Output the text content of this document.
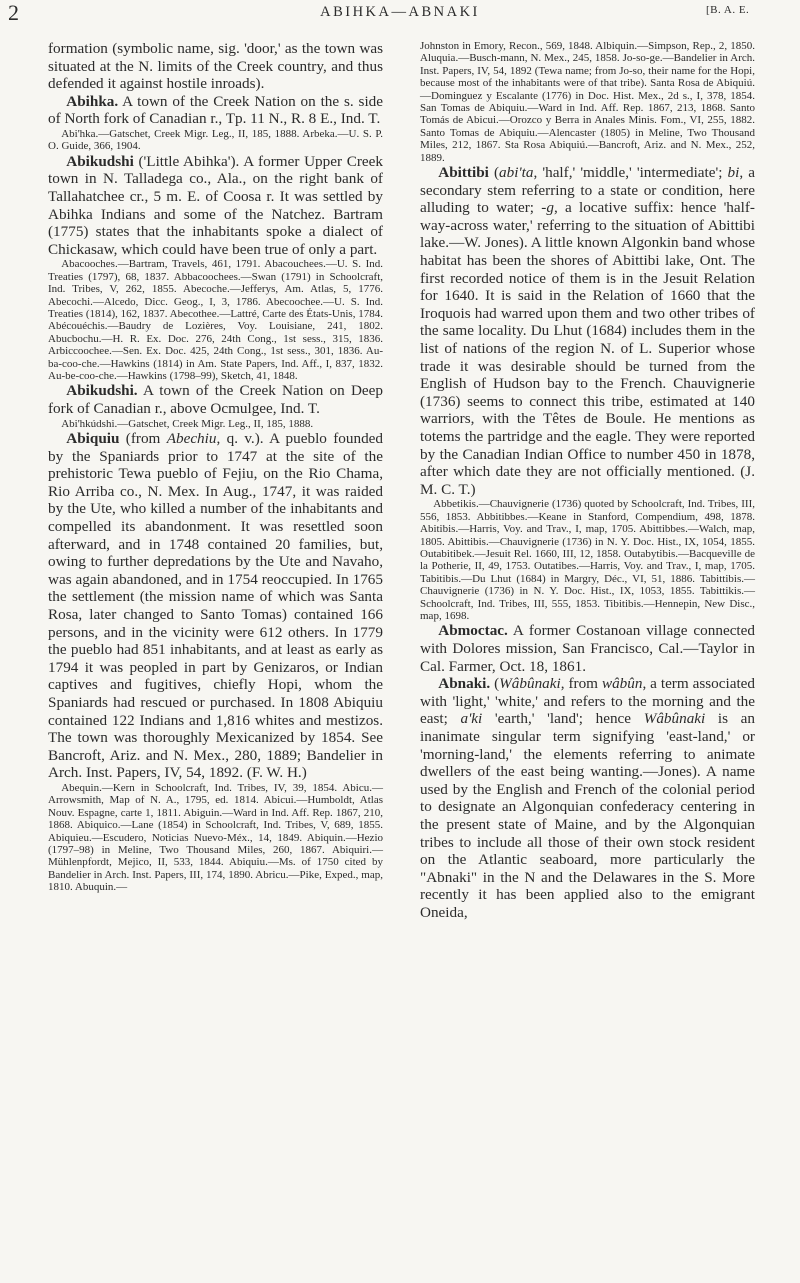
2	ABIHKA—ABNAKI	[B. A. E.

formation (symbolic name, sig. 'door,' as the town was situated at the N. limits of the Creek country, and thus defended it against hostile inroads).

Abihka. A town of the Creek Nation on the s. side of North fork of Canadian r., Tp. 11 N., R. 8 E., Ind. T.

Abi'hka.—Gatschet, Creek Migr. Leg., II, 185, 1888. Arbeka.—U. S. P. O. Guide, 366, 1904.

Abikudshi ('Little Abihka'). A former Upper Creek town in N. Talladega co., Ala., on the right bank of Tallahatchee cr., 5 m. E. of Coosa r. It was settled by Abihka Indians and some of the Natchez. Bartram (1775) states that the inhabitants spoke a dialect of Chickasaw, which could have been true of only a part.

Abacooches.—Bartram, Travels, 461, 1791. Abacouchees.—U. S. Ind. Treaties (1797), 68, 1837. Abbacoochees.—Swan (1791) in Schoolcraft, Ind. Tribes, V, 262, 1855. Abecoche.—Jefferys, Am. Atlas, 5, 1776. Abecochi.—Alcedo, Dicc. Geog., I, 3, 1786. Abecoochee.—U. S. Ind. Treaties (1814), 162, 1837. Abecothee.—Lattré, Carte des États-Unis, 1784. Abécouéchis.—Baudry de Lozières, Voy. Louisiane, 241, 1802. Abucbochu.—H. R. Ex. Doc. 276, 24th Cong., 1st sess., 315, 1836. Arbiccoochee.—Sen. Ex. Doc. 425, 24th Cong., 1st sess., 301, 1836. Au-ba-coo-che.—Hawkins (1814) in Am. State Papers, Ind. Aff., I, 837, 1832. Au-be-coo-che.—Hawkins (1798–99), Sketch, 41, 1848.

Abikudshi. A town of the Creek Nation on Deep fork of Canadian r., above Ocmulgee, Ind. T.

Abi'hkúdshi.—Gatschet, Creek Migr. Leg., II, 185, 1888.

Abiquiu (from Abechiu, q. v.). A pueblo founded by the Spaniards prior to 1747 at the site of the prehistoric Tewa pueblo of Fejiu, on the Rio Chama, Rio Arriba co., N. Mex. In Aug., 1747, it was raided by the Ute, who killed a number of the inhabitants and compelled its abandonment. It was resettled soon afterward, and in 1748 contained 20 families, but, owing to further depredations by the Ute and Navaho, was again abandoned, and in 1754 reoccupied. In 1765 the settlement (the mission name of which was Santa Rosa, later changed to Santo Tomas) contained 166 persons, and in the vicinity were 612 others. In 1779 the pueblo had 851 inhabitants, and at least as early as 1794 it was peopled in part by Genizaros, or Indian captives and fugitives, chiefly Hopi, whom the Spaniards had rescued or purchased. In 1808 Abiquiu contained 122 Indians and 1,816 whites and mestizos. The town was thoroughly Mexicanized by 1854. See Bancroft, Ariz. and N. Mex., 280, 1889; Bandelier in Arch. Inst. Papers, IV, 54, 1892. (F. W. H.)

Abequin.—Kern in Schoolcraft, Ind. Tribes, IV, 39, 1854. Abicu.—Arrowsmith, Map of N. A., 1795, ed. 1814. Abicui.—Humboldt, Atlas Nouv. Espagne, carte 1, 1811. Abiguin.—Ward in Ind. Aff. Rep. 1867, 210, 1868. Abiquico.—Lane (1854) in Schoolcraft, Ind. Tribes, V, 689, 1855. Abiquieu.—Escudero, Noticias Nuevo-Méx., 14, 1849. Abiquin.—Hezio (1797–98) in Meline, Two Thousand Miles, 260, 1867. Abiquiri.—Mühlenpfordt, Mejico, II, 533, 1844. Abiquiu.—Ms. of 1750 cited by Bandelier in Arch. Inst. Papers, III, 174, 1890. Abricu.—Pike, Exped., map, 1810. Abuquin.—

Johnston in Emory, Recon., 569, 1848. Albiquin.—Simpson, Rep., 2, 1850. Aluquia.—Busch-mann, N. Mex., 245, 1858. Jo-so-ge.—Bandelier in Arch. Inst. Papers, IV, 54, 1892 (Tewa name; from Jo-so, their name for the Hopi, because most of the inhabitants were of that tribe). Santa Rosa de Abiquiú.—Dominguez y Escalante (1776) in Doc. Hist. Mex., 2d s., I, 378, 1854. San Tomas de Abiquiu.—Ward in Ind. Aff. Rep. 1867, 213, 1868. Santo Tomás de Abicui.—Orozco y Berra in Anales Minis. Fom., VI, 255, 1882. Santo Tomas de Abiquiu.—Alencaster (1805) in Meline, Two Thousand Miles, 212, 1867. Sta Rosa Abiquiú.—Bancroft, Ariz. and N. Mex., 252, 1889.

Abittibi (abi'ta, 'half,' 'middle,' 'intermediate'; bi, a secondary stem referring to a state or condition, here alluding to water; -g, a locative suffix: hence 'half-way-across water,' referring to the situation of Abittibi lake.—W. Jones). A little known Algonkin band whose habitat has been the shores of Abittibi lake, Ont. The first recorded notice of them is in the Jesuit Relation for 1640. It is said in the Relation of 1660 that the Iroquois had warred upon them and two other tribes of the same locality. Du Lhut (1684) includes them in the list of nations of the region N. of L. Superior whose trade it was desirable should be turned from the English of Hudson bay to the French. Chauvignerie (1736) seems to connect this tribe, estimated at 140 warriors, with the Têtes de Boule. He mentions as totems the partridge and the eagle. They were reported by the Canadian Indian Office to number 450 in 1878, after which date they are not officially mentioned. (J. M. C. T.)

Abbetikis.—Chauvignerie (1736) quoted by Schoolcraft, Ind. Tribes, III, 556, 1853. Abbitibbes.—Keane in Stanford, Compendium, 498, 1878. Abitibis.—Harris, Voy. and Trav., I, map, 1705. Abittibbes.—Walch, map, 1805. Abittibis.—Chauvignerie (1736) in N. Y. Doc. Hist., IX, 1054, 1855. Outabitibek.—Jesuit Rel. 1660, III, 12, 1858. Outabytibis.—Bacqueville de la Potherie, II, 49, 1753. Outatibes.—Harris, Voy. and Trav., I, map, 1705. Tabitibis.—Du Lhut (1684) in Margry, Déc., VI, 51, 1886. Tabittibis.—Chauvignerie (1736) in N. Y. Doc. Hist., IX, 1053, 1855. Tabittikis.—Schoolcraft, Ind. Tribes, III, 555, 1853. Tibitibis.—Hennepin, New Disc., map, 1698.

Abmoctac. A former Costanoan village connected with Dolores mission, San Francisco, Cal.—Taylor in Cal. Farmer, Oct. 18, 1861.

Abnaki. (Wâbûnaki, from wâbûn, a term associated with 'light,' 'white,' and refers to the morning and the east; a'ki 'earth,' 'land'; hence Wâbûnaki is an inanimate singular term signifying 'east-land,' or 'morning-land,' the elements referring to animate dwellers of the east being wanting.—Jones). A name used by the English and French of the colonial period to designate an Algonquian confederacy centering in the present state of Maine, and by the Algonquian tribes to include all those of their own stock resident on the Atlantic seaboard, more particularly the "Abnaki" in the N and the Delawares in the S. More recently it has been applied also to the emigrant Oneida,
